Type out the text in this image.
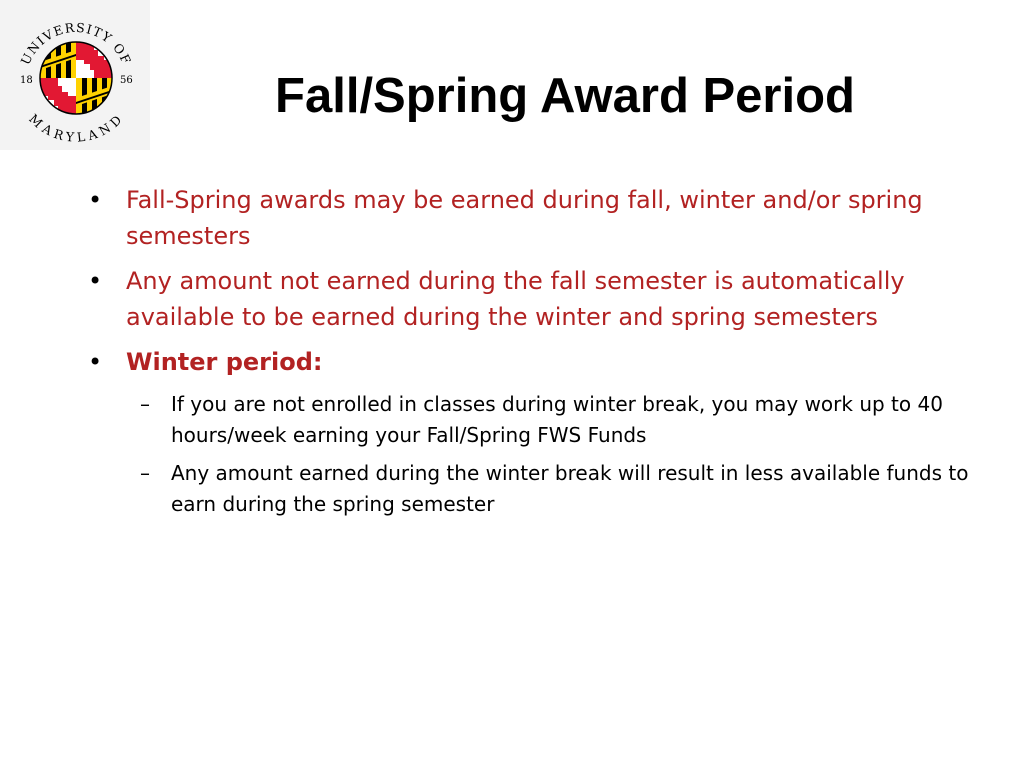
UNIVERSITY OF
MARYLAND
18	56	Fall/Spring Award Period
• Fall-Spring awards may be earned during fall, winter and/or spring semesters
• Any amount not earned during the fall semester is automatically available to be earned during the winter and spring semesters
• Winter period:
– If you are not enrolled in classes during winter break, you may work up to 40 hours/week earning your Fall/Spring FWS Funds
– Any amount earned during the winter break will result in less available funds to earn during the spring semester
